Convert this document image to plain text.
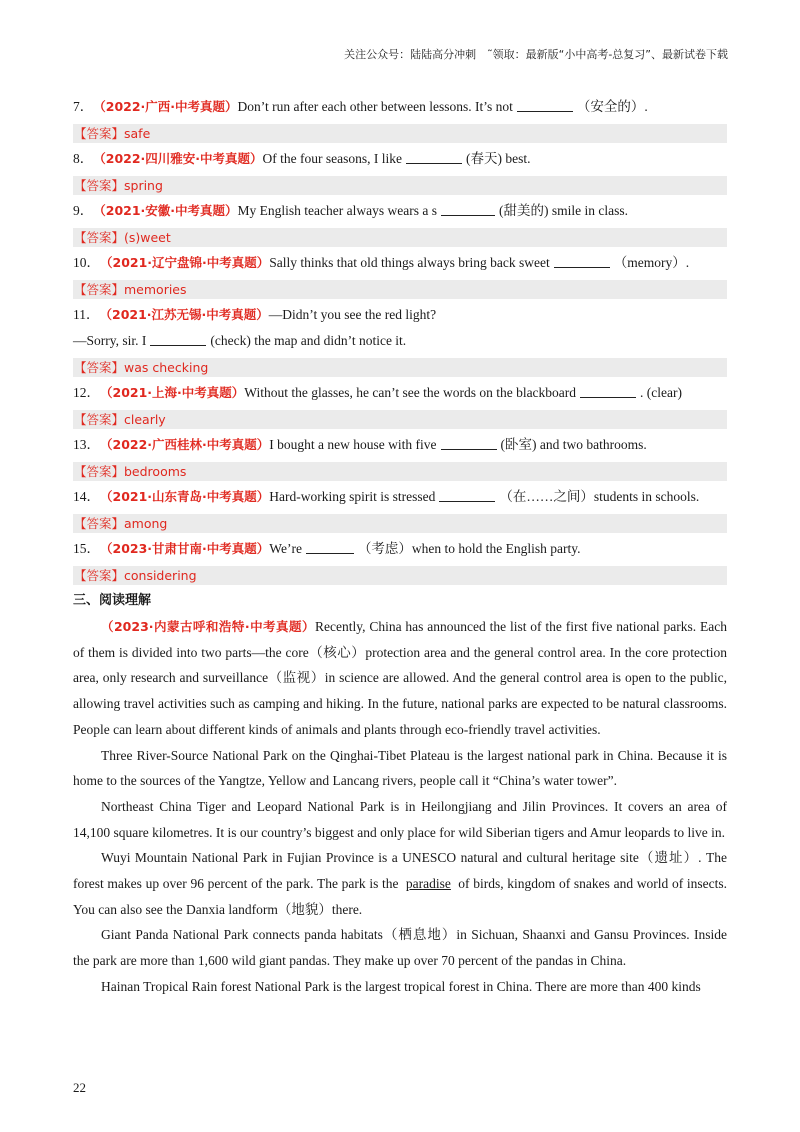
关注公众号：陆陆高分冲刺　˜领取：最新版“小中高考-总复习”、最新试卷下载
7．（2022·广西·中考真题）Don’t run after each other between lessons. It’s not	（安全的）.
【答案】safe
8．（2022·四川雅安·中考真题）Of the four seasons, I like	(春天) best.
【答案】spring
9．（2021·安徽·中考真题）My English teacher always wears a s	(甜美的) smile in class.
【答案】(s)weet
10．（2021·辽宁盘锦·中考真题）Sally thinks that old things always bring back sweet	（memory）.
【答案】memories
11．（2021·江苏无锡·中考真题）—Didn’t you see the red light?
—Sorry, sir. I	(check) the map and didn’t notice it.
【答案】was checking
12．（2021·上海·中考真题）Without the glasses, he can’t see the words on the blackboard	. (clear)
【答案】clearly
13．（2022·广西桂林·中考真题）I bought a new house with five	(卧室) and two bathrooms.
【答案】bedrooms
14．（2021·山东青岛·中考真题）Hard-working spirit is stressed	（在……之间）students in schools.
【答案】among
15．（2023·甘肃甘南·中考真题）We’re	（考虑）when to hold the English party.
【答案】considering
三、阅读理解

（2023·内蒙古呼和浩特·中考真题）Recently, China has announced the list of the first five national parks. Each of them is divided into two parts—the core（核心）protection area and the general control area. In the core protection area, only research and surveillance（监视）in science are allowed. And the general control area is open to the public, allowing travel activities such as camping and hiking. In the future, national parks are expected to be natural classrooms. People can learn about different kinds of animals and plants through eco-friendly travel activities.

Three River-Source National Park on the Qinghai-Tibet Plateau is the largest national park in China. Because it is home to the sources of the Yangtze, Yellow and Lancang rivers, people call it “China’s water tower”.

Northeast China Tiger and Leopard National Park is in Heilongjiang and Jilin Provinces. It covers an area of 14,100 square kilometres. It is our country’s biggest and only place for wild Siberian tigers and Amur leopards to live in.

Wuyi Mountain National Park in Fujian Province is a UNESCO natural and cultural heritage site（遗址）. The forest makes up over 96 percent of the park. The park is the paradise of birds, kingdom of snakes and world of insects. You can also see the Danxia landform（地貌）there.

Giant Panda National Park connects panda habitats（栖息地）in Sichuan, Shaanxi and Gansu Provinces. Inside the park are more than 1,600 wild giant pandas. They make up over 70 percent of the pandas in China.

Hainan Tropical Rain forest National Park is the largest tropical forest in China. There are more than 400 kinds

22
